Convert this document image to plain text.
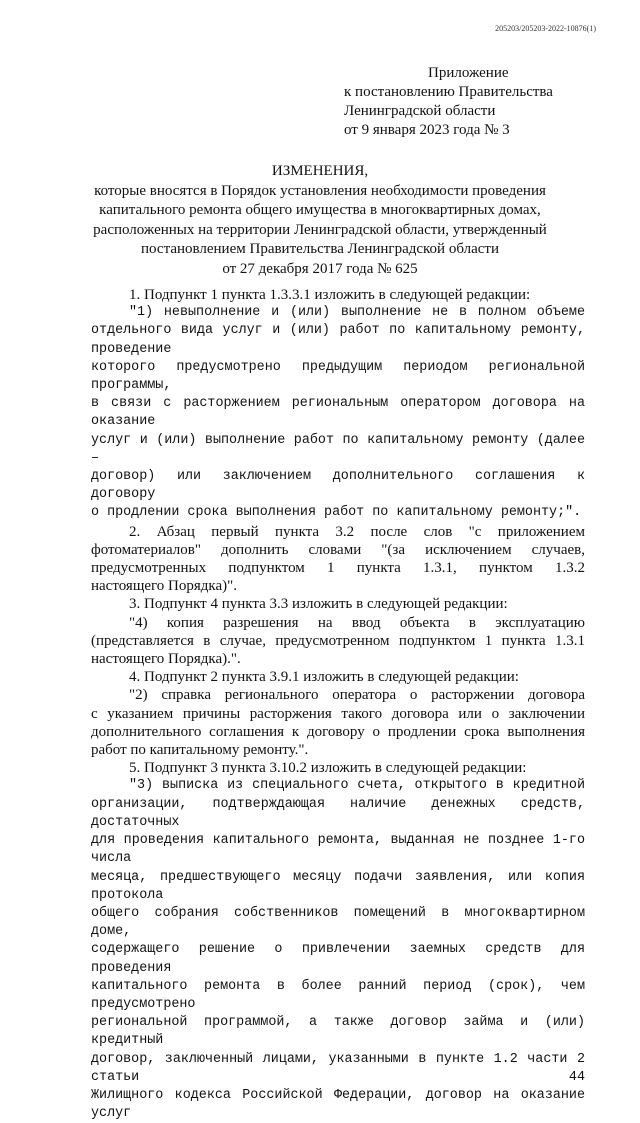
205203/205203-2022-10876(1)
Приложение
к постановлению Правительства
Ленинградской области
от 9 января 2023 года № 3
ИЗМЕНЕНИЯ,
которые вносятся в Порядок установления необходимости проведения
капитального ремонта общего имущества в многоквартирных домах,
расположенных на территории Ленинградской области, утвержденный
постановлением Правительства Ленинградской области
от 27 декабря 2017 года № 625
1. Подпункт 1 пункта 1.3.3.1 изложить в следующей редакции:
"1) невыполнение и (или) выполнение не в полном объеме
отдельного вида услуг и (или) работ по капитальному ремонту, проведение
которого предусмотрено предыдущим периодом региональной программы,
в связи с расторжением региональным оператором договора на оказание
услуг и (или) выполнение работ по капитальному ремонту (далее –
договор) или заключением дополнительного соглашения к договору
о продлении срока выполнения работ по капитальному ремонту;".
2. Абзац первый пункта 3.2 после слов "с приложением
фотоматериалов" дополнить словами "(за исключением случаев,
предусмотренных подпунктом 1 пункта 1.3.1, пунктом 1.3.2
настоящего Порядка)".
3. Подпункт 4 пункта 3.3 изложить в следующей редакции:
"4) копия разрешения на ввод объекта в эксплуатацию
(представляется в случае, предусмотренном подпунктом 1 пункта 1.3.1
настоящего Порядка).".
4. Подпункт 2 пункта 3.9.1 изложить в следующей редакции:
"2) справка регионального оператора о расторжении договора
с указанием причины расторжения такого договора или о заключении
дополнительного соглашения к договору о продлении срока выполнения
работ по капитальному ремонту.".
5. Подпункт 3 пункта 3.10.2 изложить в следующей редакции:
"3) выписка из специального счета, открытого в кредитной
организации, подтверждающая наличие денежных средств, достаточных
для проведения капитального ремонта, выданная не позднее 1-го числа
месяца, предшествующего месяцу подачи заявления, или копия протокола
общего собрания собственников помещений в многоквартирном доме,
содержащего решение о привлечении заемных средств для проведения
капитального ремонта в более ранний период (срок), чем предусмотрено
региональной программой, а также договор займа и (или) кредитный
договор, заключенный лицами, указанными в пункте 1.2 части 2 статьи 44
Жилищного кодекса Российской Федерации, договор на оказание услуг
